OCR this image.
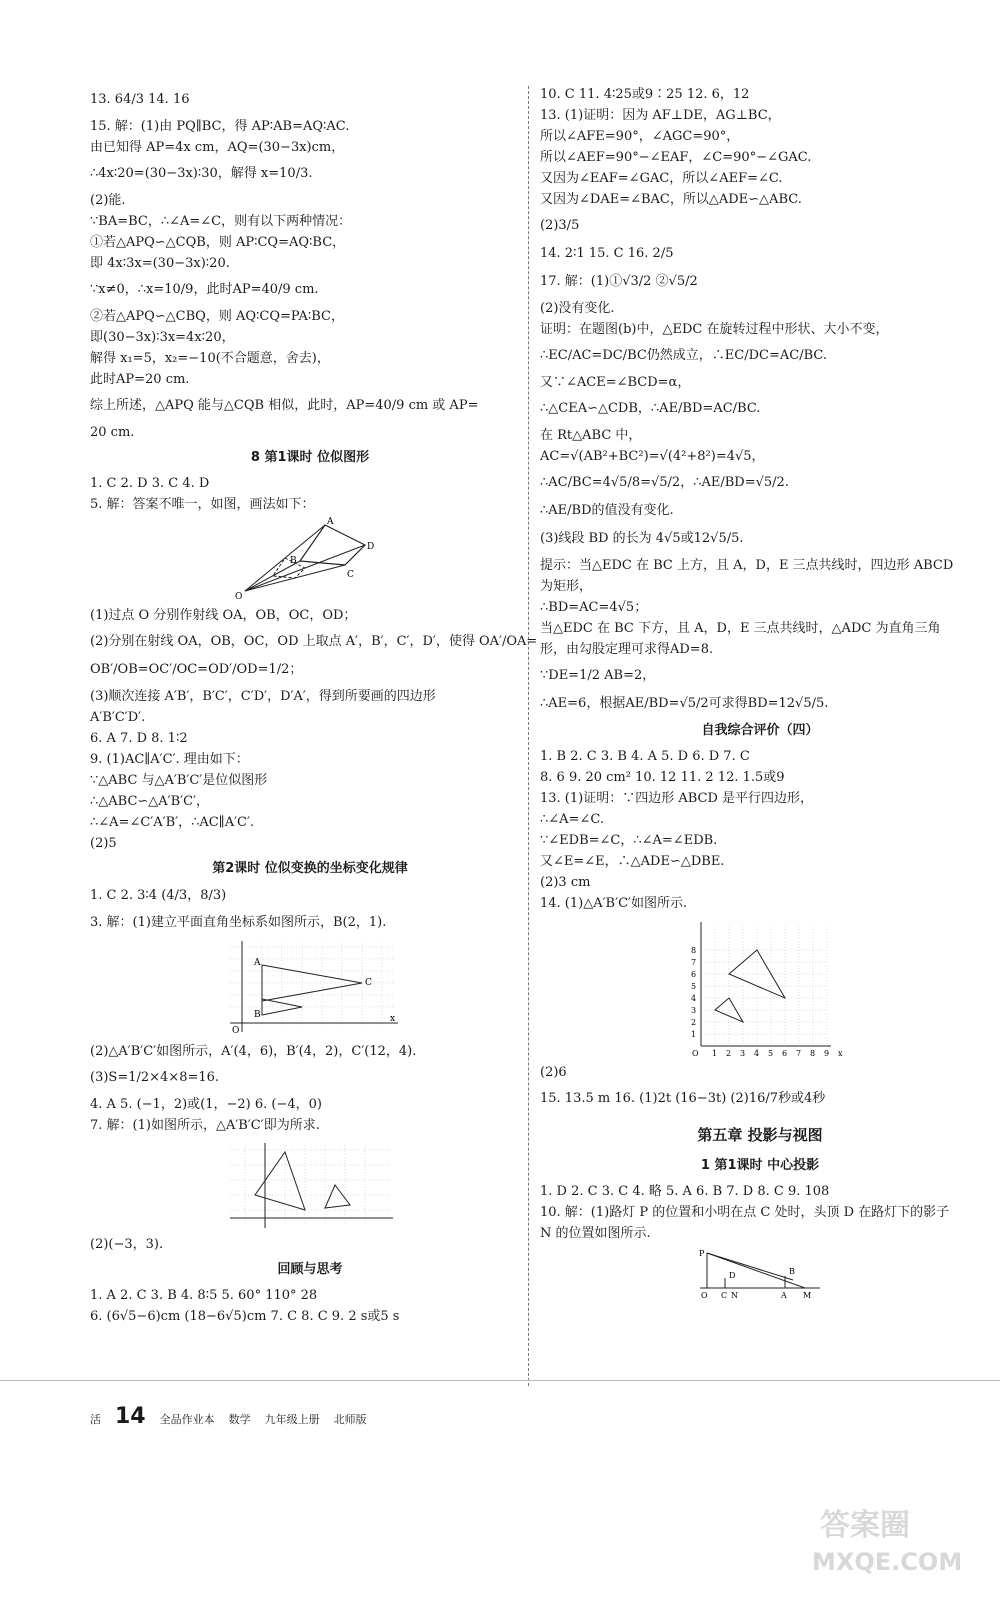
13. 64/3 14. 16
15. 解：(1)由 PQ∥BC，得 AP∶AB=AQ∶AC.
由已知得 AP=4x cm，AQ=(30−3x)cm，
∴4x∶20=(30−3x)∶30，解得 x=10/3.
(2)能.
∵BA=BC，∴∠A=∠C，则有以下两种情况：
①若△APQ∽△CQB，则 AP∶CQ=AQ∶BC，
即 4x∶3x=(30−3x)∶20.
∵x≠0，∴x=10/9，此时AP=40/9 cm.
②若△APQ∽△CBQ，则 AQ∶CQ=PA∶BC，
即(30−3x)∶3x=4x∶20，
解得 x₁=5，x₂=−10(不合题意，舍去)，
此时AP=20 cm.
综上所述，△APQ 能与△CQB 相似，此时，AP=40/9 cm 或 AP=
20 cm.
8 第1课时 位似图形
1. C 2. D 3. C 4. D
5. 解：答案不唯一，如图，画法如下：
A
B
C
D
O
(1)过点 O 分别作射线 OA，OB，OC，OD；
(2)分别在射线 OA，OB，OC，OD 上取点 A′，B′，C′，D′，使得 OA′/OA=
OB′/OB=OC′/OC=OD′/OD=1/2；
(3)顺次连接 A′B′，B′C′，C′D′，D′A′，得到所要画的四边形
A′B′C′D′.
6. A 7. D 8. 1∶2
9. (1)AC∥A′C′. 理由如下：
∵△ABC 与△A′B′C′是位似图形
∴△ABC∽△A′B′C′，
∴∠A=∠C′A′B′，∴AC∥A′C′.
(2)5
第2课时 位似变换的坐标变化规律
1. C 2. 3∶4 (4/3，8/3)
3. 解：(1)建立平面直角坐标系如图所示，B(2，1).
A
B
C
O
x
(2)△A′B′C′如图所示，A′(4，6)，B′(4，2)，C′(12，4).
(3)S=1/2×4×8=16.
4. A 5. (−1，2)或(1，−2) 6. (−4，0)
7. 解：(1)如图所示，△A′B′C′即为所求.
(2)(−3，3).
回顾与思考
1. A 2. C 3. B 4. 8∶5 5. 60° 110° 28
6. (6√5−6)cm (18−6√5)cm 7. C 8. C 9. 2 s或5 s
10. C 11. 4∶25或9∶25 12. 6，12
13. (1)证明：因为 AF⊥DE，AG⊥BC，
所以∠AFE=90°，∠AGC=90°，
所以∠AEF=90°−∠EAF，∠C=90°−∠GAC.
又因为∠EAF=∠GAC，所以∠AEF=∠C.
又因为∠DAE=∠BAC，所以△ADE∽△ABC.
(2)3/5
14. 2∶1 15. C 16. 2/5
17. 解：(1)①√3/2 ②√5/2
(2)没有变化.
证明：在题图(b)中，△EDC 在旋转过程中形状、大小不变，
∴EC/AC=DC/BC仍然成立，∴EC/DC=AC/BC.
又∵∠ACE=∠BCD=α，
∴△CEA∽△CDB，∴AE/BD=AC/BC.
在 Rt△ABC 中，
AC=√(AB²+BC²)=√(4²+8²)=4√5，
∴AC/BC=4√5/8=√5/2，∴AE/BD=√5/2.
∴AE/BD的值没有变化.
(3)线段 BD 的长为 4√5或12√5/5.
提示：当△EDC 在 BC 上方，且 A，D，E 三点共线时，四边形 ABCD
为矩形，
∴BD=AC=4√5；
当△EDC 在 BC 下方，且 A，D，E 三点共线时，△ADC 为直角三角
形，由勾股定理可求得AD=8.
∵DE=1/2 AB=2，
∴AE=6，根据AE/BD=√5/2可求得BD=12√5/5.
自我综合评价（四）
1. B 2. C 3. B 4. A 5. D 6. D 7. C
8. 6 9. 20 cm² 10. 12 11. 2 12. 1.5或9
13. (1)证明：∵四边形 ABCD 是平行四边形，
∴∠A=∠C.
∵∠EDB=∠C，∴∠A=∠EDB.
又∠E=∠E，∴△ADE∽△DBE.
(2)3 cm
14. (1)△A′B′C′如图所示.
8
7
6
5
4
3
2
1
O 1 2 3 4 5 6 7 8 9 x
(2)6
15. 13.5 m 16. (1)2t (16−3t) (2)16/7秒或4秒
第五章 投影与视图
1 第1课时 中心投影
1. D 2. C 3. C 4. 略 5. A 6. B 7. D 8. C 9. 108
10. 解：(1)路灯 P 的位置和小明在点 C 处时，头顶 D 在路灯下的影子
N 的位置如图所示.
P
D	B
O C N	A M
活 14 全品作业本 数学 九年级上册 北师版
答案圈
MXQE.COM
